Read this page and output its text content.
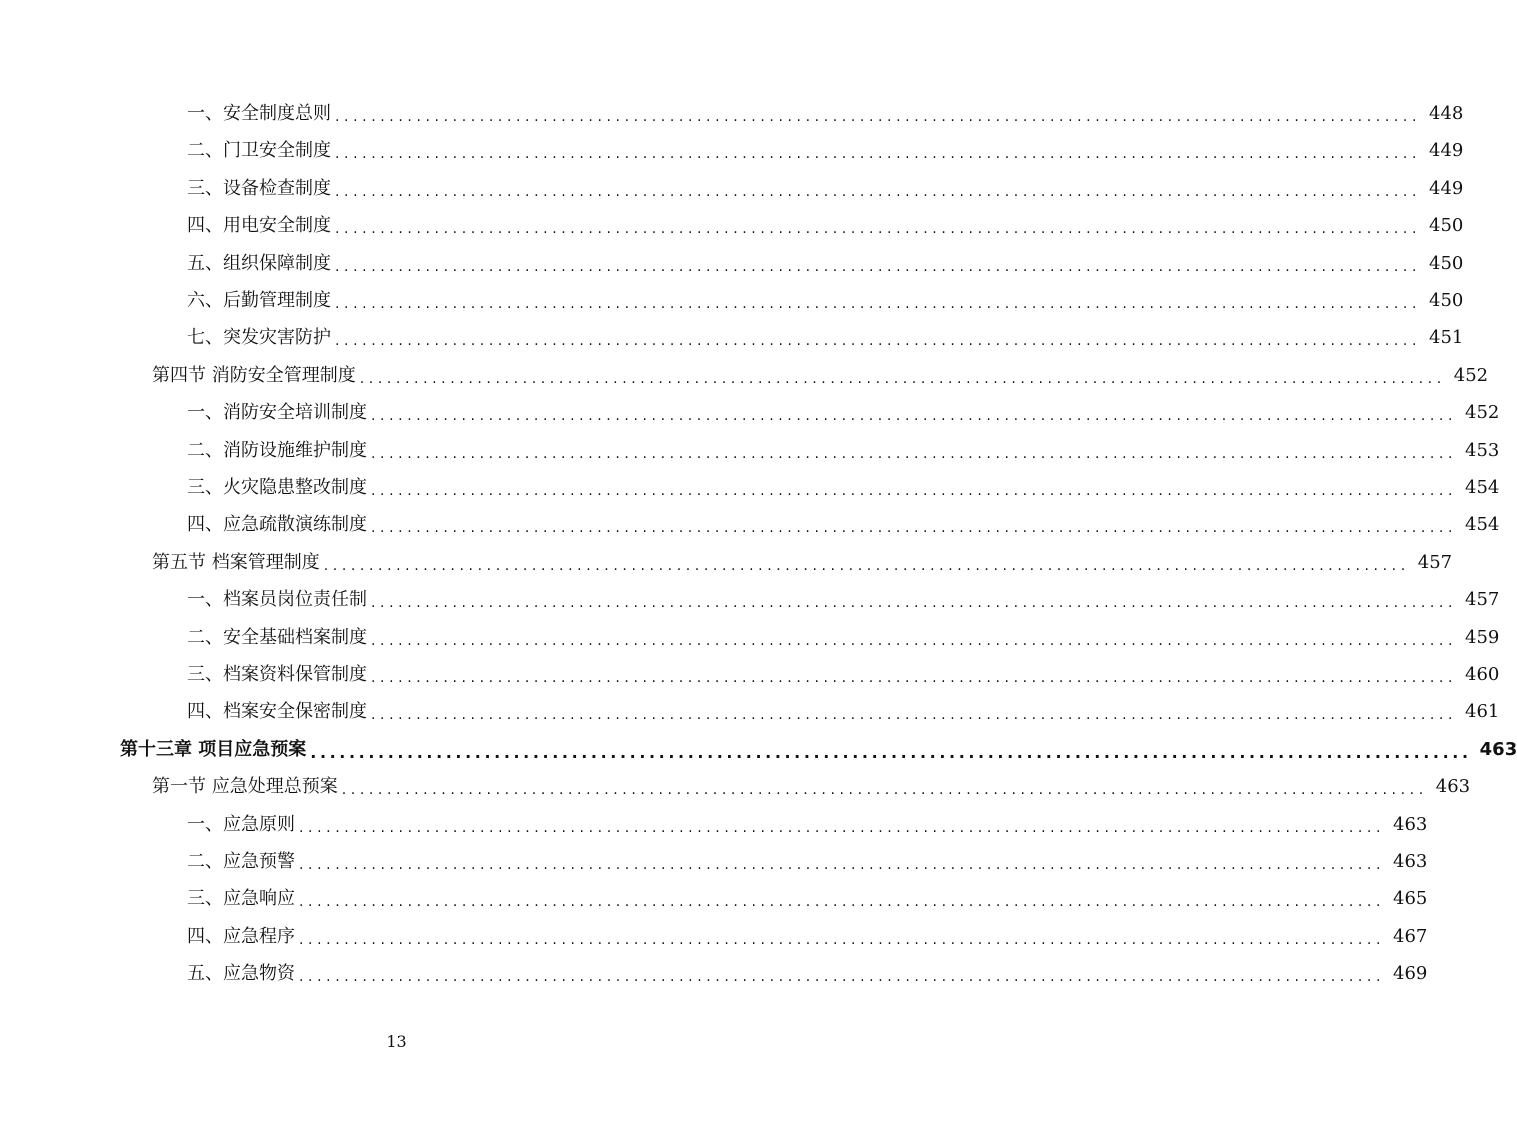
一、安全制度总则 ........................................................................................................................ 448
二、门卫安全制度 ........................................................................................................................ 449
三、设备检查制度 ........................................................................................................................ 449
四、用电安全制度 ........................................................................................................................ 450
五、组织保障制度 ........................................................................................................................ 450
六、后勤管理制度 ........................................................................................................................ 450
七、突发灾害防护 ........................................................................................................................ 451
第四节 消防安全管理制度 ........................................................................................................................ 452
一、消防安全培训制度 ........................................................................................................................ 452
二、消防设施维护制度 ........................................................................................................................ 453
三、火灾隐患整改制度 ........................................................................................................................ 454
四、应急疏散演练制度 ........................................................................................................................ 454
第五节 档案管理制度 ........................................................................................................................ 457
一、档案员岗位责任制 ........................................................................................................................ 457
二、安全基础档案制度 ........................................................................................................................ 459
三、档案资料保管制度 ........................................................................................................................ 460
四、档案安全保密制度 ........................................................................................................................ 461
第十三章 项目应急预案 ........................................................................................................................ 463
第一节 应急处理总预案 ........................................................................................................................ 463
一、应急原则 ........................................................................................................................ 463
二、应急预警 ........................................................................................................................ 463
三、应急响应 ........................................................................................................................ 465
四、应急程序 ........................................................................................................................ 467
五、应急物资 ........................................................................................................................ 469
13
